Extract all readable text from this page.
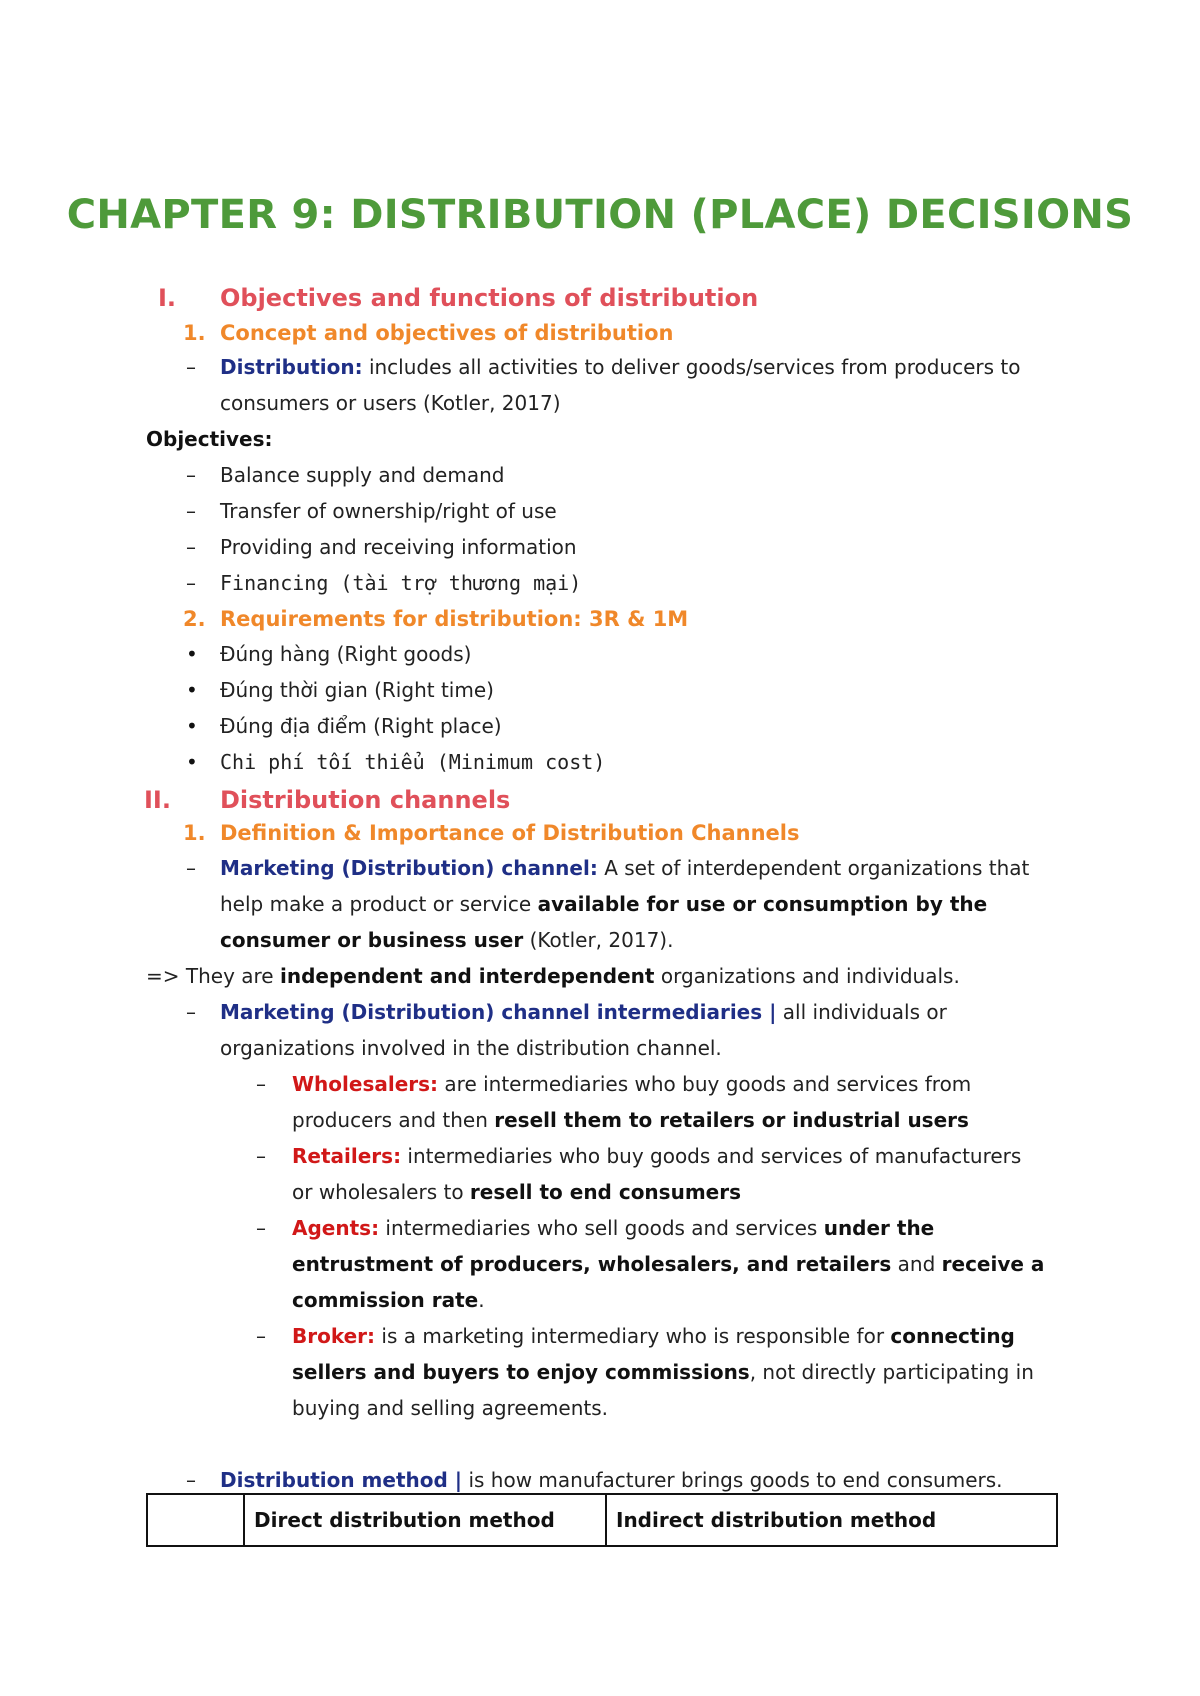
CHAPTER 9: DISTRIBUTION (PLACE) DECISIONS
I. Objectives and functions of distribution
1. Concept and objectives of distribution
– Distribution: includes all activities to deliver goods/services from producers to
consumers or users (Kotler, 2017)
Objectives:
– Balance supply and demand
– Transfer of ownership/right of use
– Providing and receiving information
– Financing (tài trợ thương mại)
2. Requirements for distribution: 3R & 1M
• Đúng hàng (Right goods)
• Đúng thời gian (Right time)
• Đúng địa điểm (Right place)
• Chi phí tối thiểu (Minimum cost)
II. Distribution channels
1. Definition & Importance of Distribution Channels
– Marketing (Distribution) channel: A set of interdependent organizations that
help make a product or service available for use or consumption by the
consumer or business user (Kotler, 2017).
=> They are independent and interdependent organizations and individuals.
– Marketing (Distribution) channel intermediaries | all individuals or
organizations involved in the distribution channel.
– Wholesalers: are intermediaries who buy goods and services from
producers and then resell them to retailers or industrial users
– Retailers: intermediaries who buy goods and services of manufacturers
or wholesalers to resell to end consumers
– Agents: intermediaries who sell goods and services under the
entrustment of producers, wholesalers, and retailers and receive a
commission rate.
– Broker: is a marketing intermediary who is responsible for connecting
sellers and buyers to enjoy commissions, not directly participating in
buying and selling agreements.
– Distribution method | is how manufacturer brings goods to end consumers.
	Direct distribution method	Indirect distribution method
